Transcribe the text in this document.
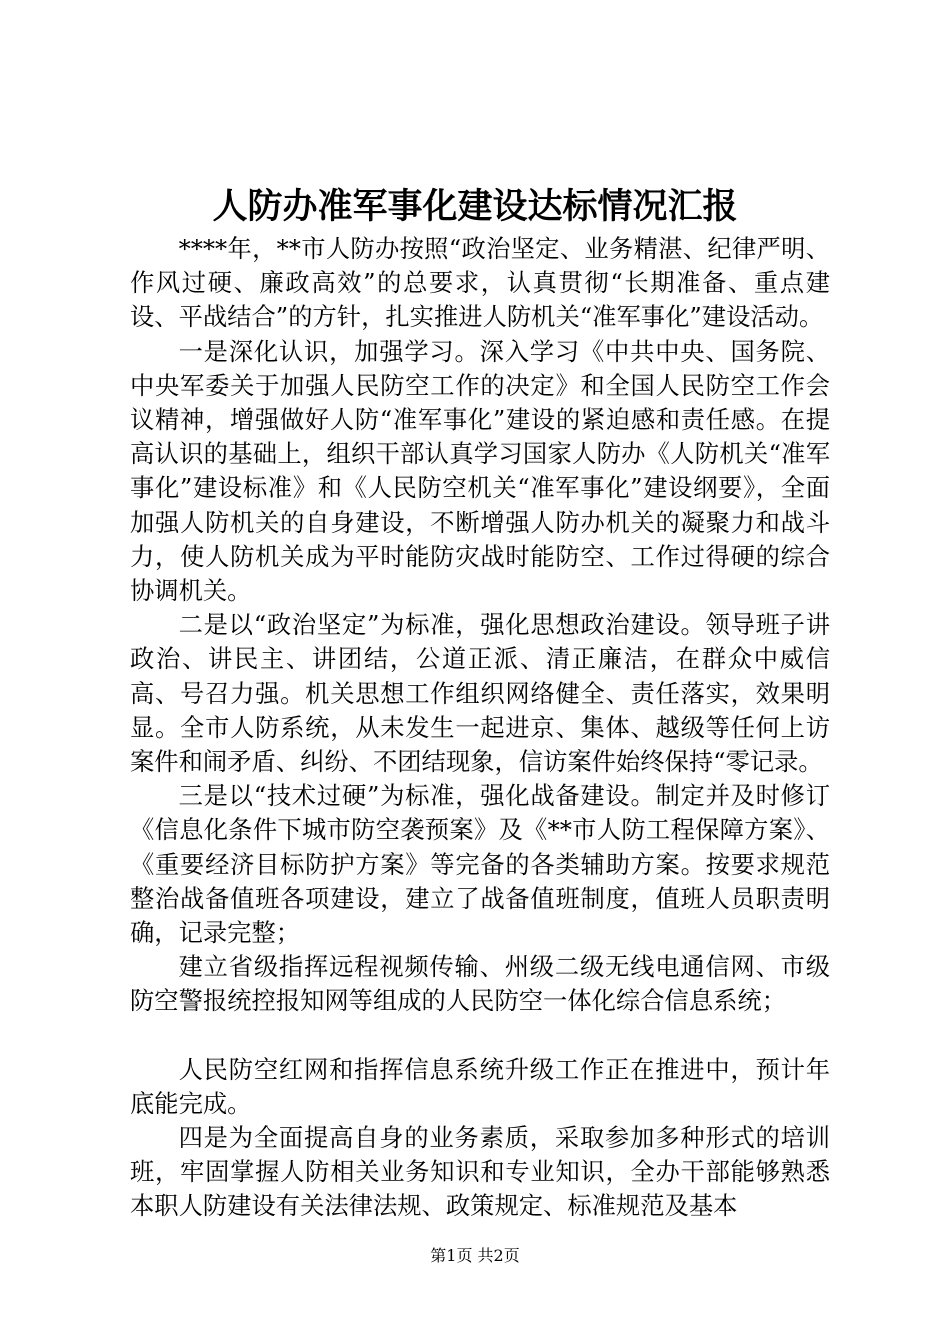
人防办准军事化建设达标情况汇报

****年，**市人防办按照“政治坚定、业务精湛、纪律严明、作风过硬、廉政高效”的总要求，认真贯彻“长期准备、重点建设、平战结合”的方针，扎实推进人防机关“准军事化”建设活动。

一是深化认识，加强学习。深入学习《中共中央、国务院、中央军委关于加强人民防空工作的决定》和全国人民防空工作会议精神，增强做好人防“准军事化”建设的紧迫感和责任感。在提高认识的基础上，组织干部认真学习国家人防办《人防机关“准军事化”建设标准》和《人民防空机关“准军事化”建设纲要》，全面加强人防机关的自身建设，不断增强人防办机关的凝聚力和战斗力，使人防机关成为平时能防灾战时能防空、工作过得硬的综合协调机关。

二是以“政治坚定”为标准，强化思想政治建设。领导班子讲政治、讲民主、讲团结，公道正派、清正廉洁，在群众中威信高、号召力强。机关思想工作组织网络健全、责任落实，效果明显。全市人防系统，从未发生一起进京、集体、越级等任何上访案件和闹矛盾、纠纷、不团结现象，信访案件始终保持“零记录。

三是以“技术过硬”为标准，强化战备建设。制定并及时修订《信息化条件下城市防空袭预案》及《**市人防工程保障方案》、《重要经济目标防护方案》等完备的各类辅助方案。按要求规范整治战备值班各项建设，建立了战备值班制度，值班人员职责明确，记录完整；

建立省级指挥远程视频传输、州级二级无线电通信网、市级防空警报统控报知网等组成的人民防空一体化综合信息系统；

人民防空红网和指挥信息系统升级工作正在推进中，预计年底能完成。

四是为全面提高自身的业务素质，采取参加多种形式的培训班，牢固掌握人防相关业务知识和专业知识，全办干部能够熟悉本职人防建设有关法律法规、政策规定、标准规范及基本

第1页 共2页
